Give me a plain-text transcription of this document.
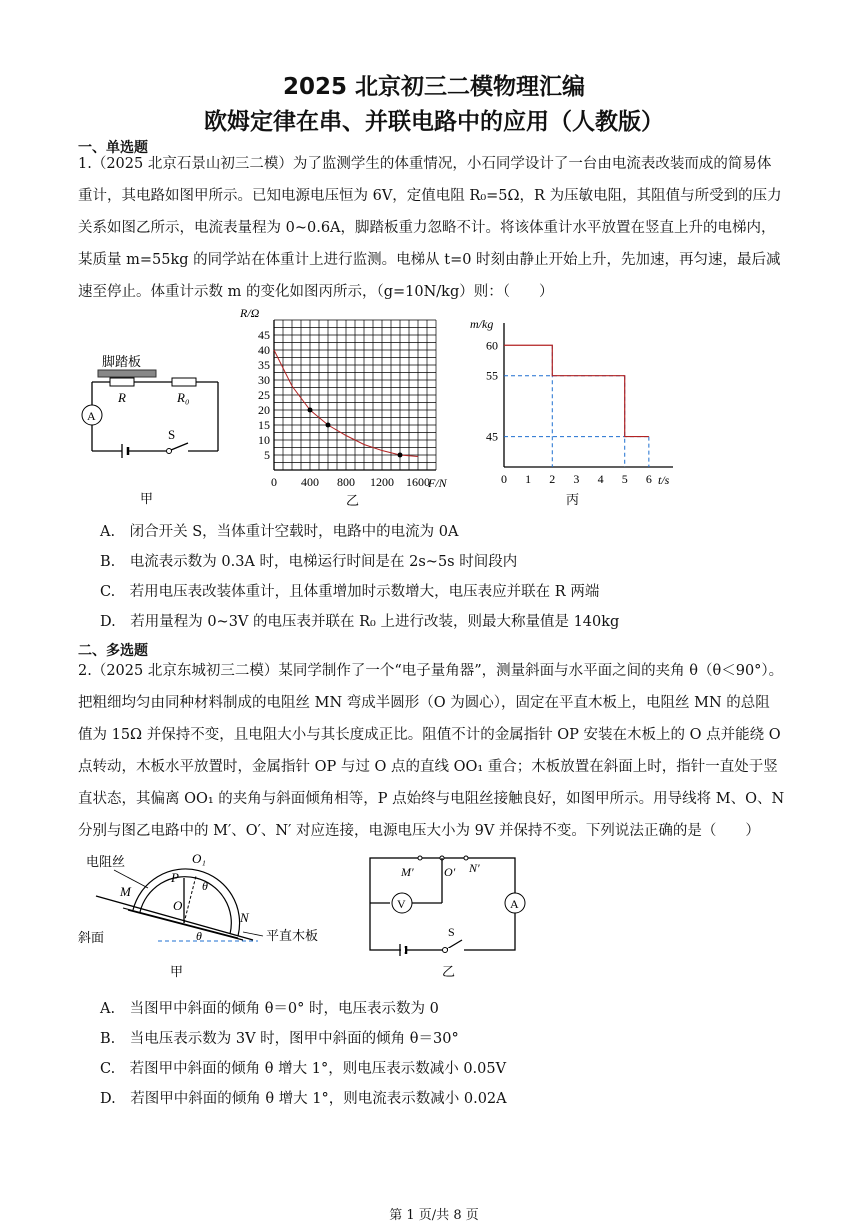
2025 北京初三二模物理汇编
欧姆定律在串、并联电路中的应用（人教版）
一、单选题
1.（2025 北京石景山初三二模）为了监测学生的体重情况，小石同学设计了一台由电流表改装而成的简易体
重计，其电路如图甲所示。已知电源电压恒为 6V，定值电阻 R₀=5Ω，R 为压敏电阻，其阻值与所受到的压力
关系如图乙所示，电流表量程为 0~0.6A，脚踏板重力忽略不计。将该体重计水平放置在竖直上升的电梯内，
某质量 m=55kg 的同学站在体重计上进行监测。电梯从 t=0 时刻由静止开始上升，先加速，再匀速，最后减
速至停止。体重计示数 m 的变化如图丙所示，（g=10N/kg）则：（　　）
脚踏板
R	R₀
A
S
甲
R/Ω
45
40
35
30
25
20
15
10
5
0 400 800 1200 1600
F/N
乙
m/kg
60
55
45
0 1 2 3 4 5 6 t/s
丙
A.　闭合开关 S，当体重计空载时，电路中的电流为 0A
B.　电流表示数为 0.3A 时，电梯运行时间是在 2s~5s 时间段内
C.　若用电压表改装体重计，且体重增加时示数增大，电压表应并联在 R 两端
D.　若用量程为 0~3V 的电压表并联在 R₀ 上进行改装，则最大称量值是 140kg
二、多选题
2.（2025 北京东城初三二模）某同学制作了一个“电子量角器”，测量斜面与水平面之间的夹角 θ（θ＜90°）。
把粗细均匀由同种材料制成的电阻丝 MN 弯成半圆形（O 为圆心），固定在平直木板上，电阻丝 MN 的总阻
值为 15Ω 并保持不变，且电阻大小与其长度成正比。阻值不计的金属指针 OP 安装在木板上的 O 点并能绕 O
点转动，木板水平放置时，金属指针 OP 与过 O 点的直线 OO₁ 重合；木板放置在斜面上时，指针一直处于竖
直状态，其偏离 OO₁ 的夹角与斜面倾角相等，P 点始终与电阻丝接触良好，如图甲所示。用导线将 M、O、N
分别与图乙电路中的 M′、O′、N′ 对应连接，电源电压大小为 9V 并保持不变。下列说法正确的是（　　）
电阻丝
斜面
O₁
P
θ
M
O
N
θ	平直木板
甲
M′	O′ N′
V	A
S
乙
A.　当图甲中斜面的倾角 θ＝0° 时，电压表示数为 0
B.　当电压表示数为 3V 时，图甲中斜面的倾角 θ＝30°
C.　若图甲中斜面的倾角 θ 增大 1°，则电压表示数减小 0.05V
D.　若图甲中斜面的倾角 θ 增大 1°，则电流表示数减小 0.02A
第 1 页/共 8 页
